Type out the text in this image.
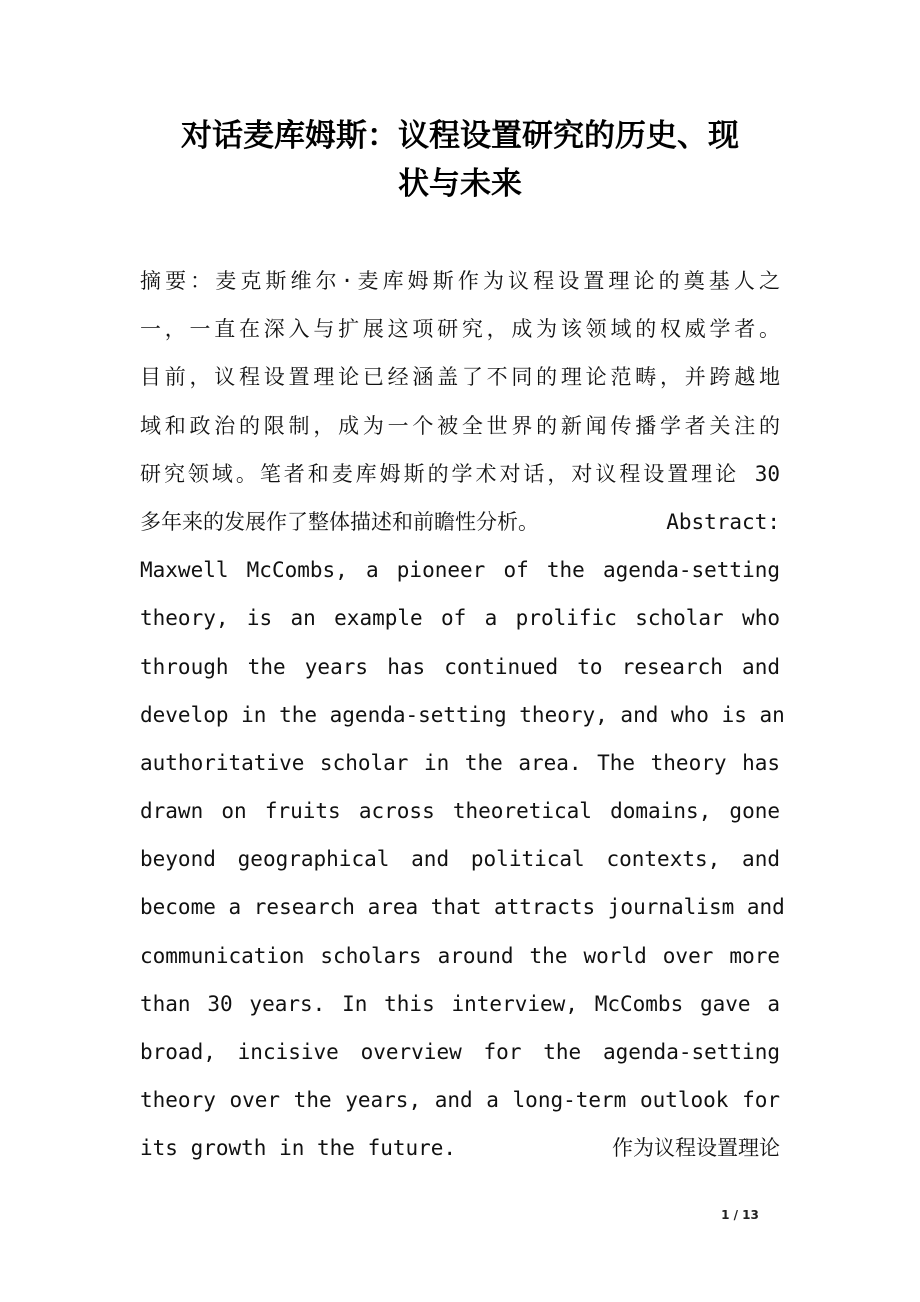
对话麦库姆斯：议程设置研究的历史、现
状与未来
摘要：麦克斯维尔·麦库姆斯作为议程设置理论的奠基人之
一，一直在深入与扩展这项研究，成为该领域的权威学者。
目前，议程设置理论已经涵盖了不同的理论范畴，并跨越地
域和政治的限制，成为一个被全世界的新闻传播学者关注的
研究领域。笔者和麦库姆斯的学术对话，对议程设置理论 30
多年来的发展作了整体描述和前瞻性分析。	Abstract:
Maxwell McCombs, a pioneer of the agenda-setting
theory, is an example of a prolific scholar who
through the years has continued to research and
develop in the agenda-setting theory, and who is an
authoritative scholar in the area. The theory has
drawn on fruits across theoretical domains, gone
beyond geographical and political contexts, and
become a research area that attracts journalism and
communication scholars around the world over more
than 30 years. In this interview, McCombs gave a
broad, incisive overview for the agenda-setting
theory over the years, and a long-term outlook for
its growth in the future.	作为议程设置理论
1 / 13
